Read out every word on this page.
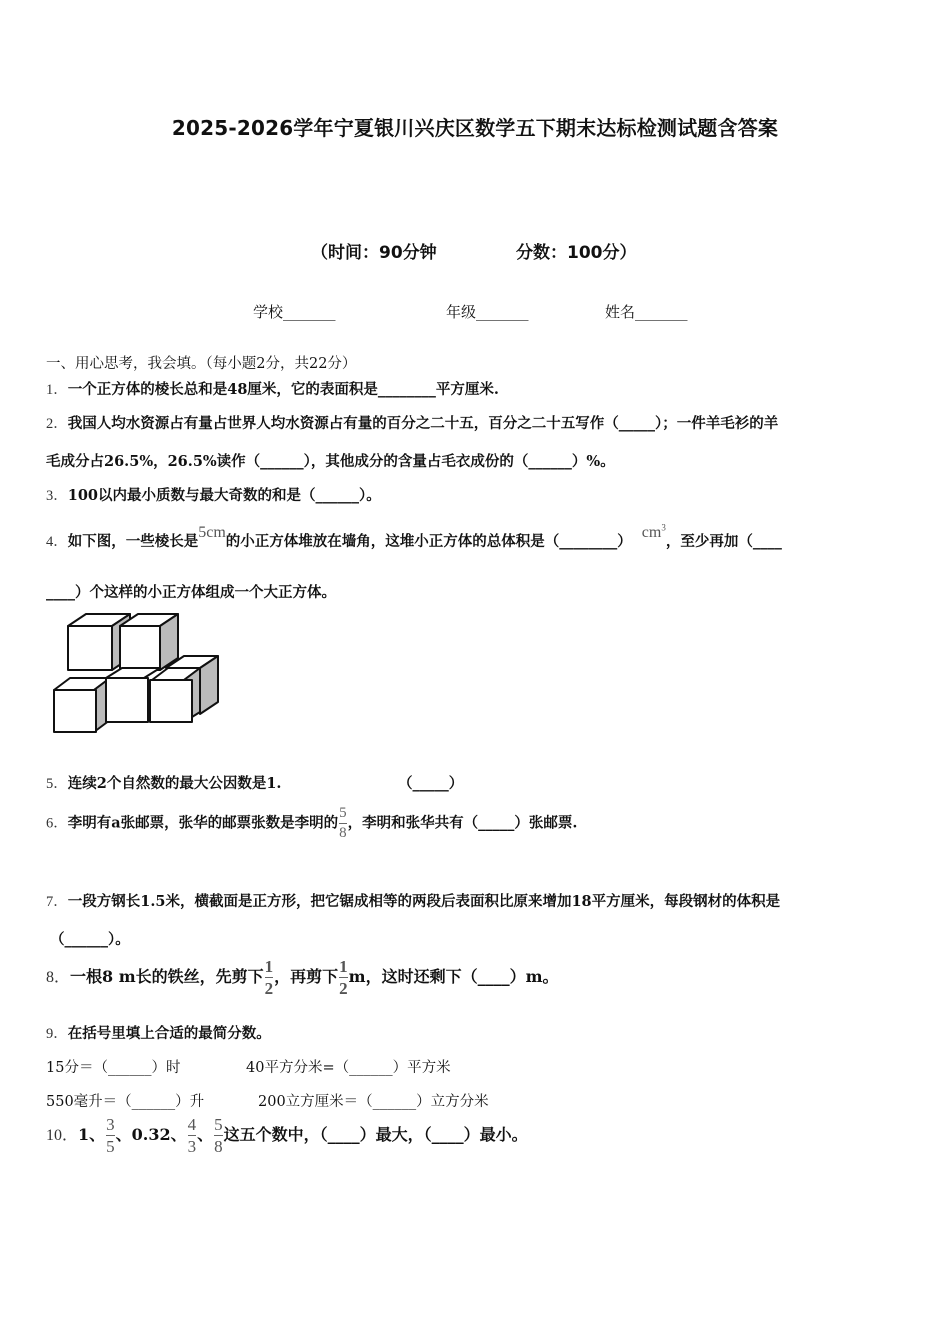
2025-2026学年宁夏银川兴庆区数学五下期末达标检测试题含答案
（时间：90分钟	分数：100分）
学校_______	年级_______	姓名_______
一、用心思考，我会填。（每小题2分，共22分）
1．一个正方体的棱长总和是48厘米，它的表面积是________平方厘米.
2．我国人均水资源占有量占世界人均水资源占有量的百分之二十五，百分之二十五写作（_____）；一件羊毛衫的羊
毛成分占26.5%，26.5%读作（______），其他成分的含量占毛衣成份的（______）%。
3．100以内最小质数与最大奇数的和是（______）。
4．如下图，一些棱长是5cm的小正方体堆放在墙角，这堆小正方体的总体积是$(\_\_\_\_\_\_\_\_)cm^3$，至少再加（____
____）个这样的小正方体组成一个大正方体。
5．连续2个自然数的最大公因数是1.	（_____）
6．李明有a张邮票，张华的邮票张数是李明的 $\frac{5}{8}$ ，李明和张华共有（_____）张邮票.
7．一段方钢长1.5米，横截面是正方形，把它锯成相等的两段后表面积比原来增加18平方厘米，每段钢材的体积是
（______）。
8．一根8 m长的铁丝，先剪下 $\frac{1}{2}$ ，再剪下 $\frac{1}{2}$ m，这时还剩下（____）m。
9．在括号里填上合适的最简分数。
15分＝（______）时	40平方分米=（______）平方米
550毫升＝（______）升	200立方厘米＝（______）立方分米
10．1、 $\frac{3}{5}$ 、0.32、 $\frac{4}{3}$ 、 $\frac{5}{8}$ 这五个数中，（____）最大，（____）最小。
